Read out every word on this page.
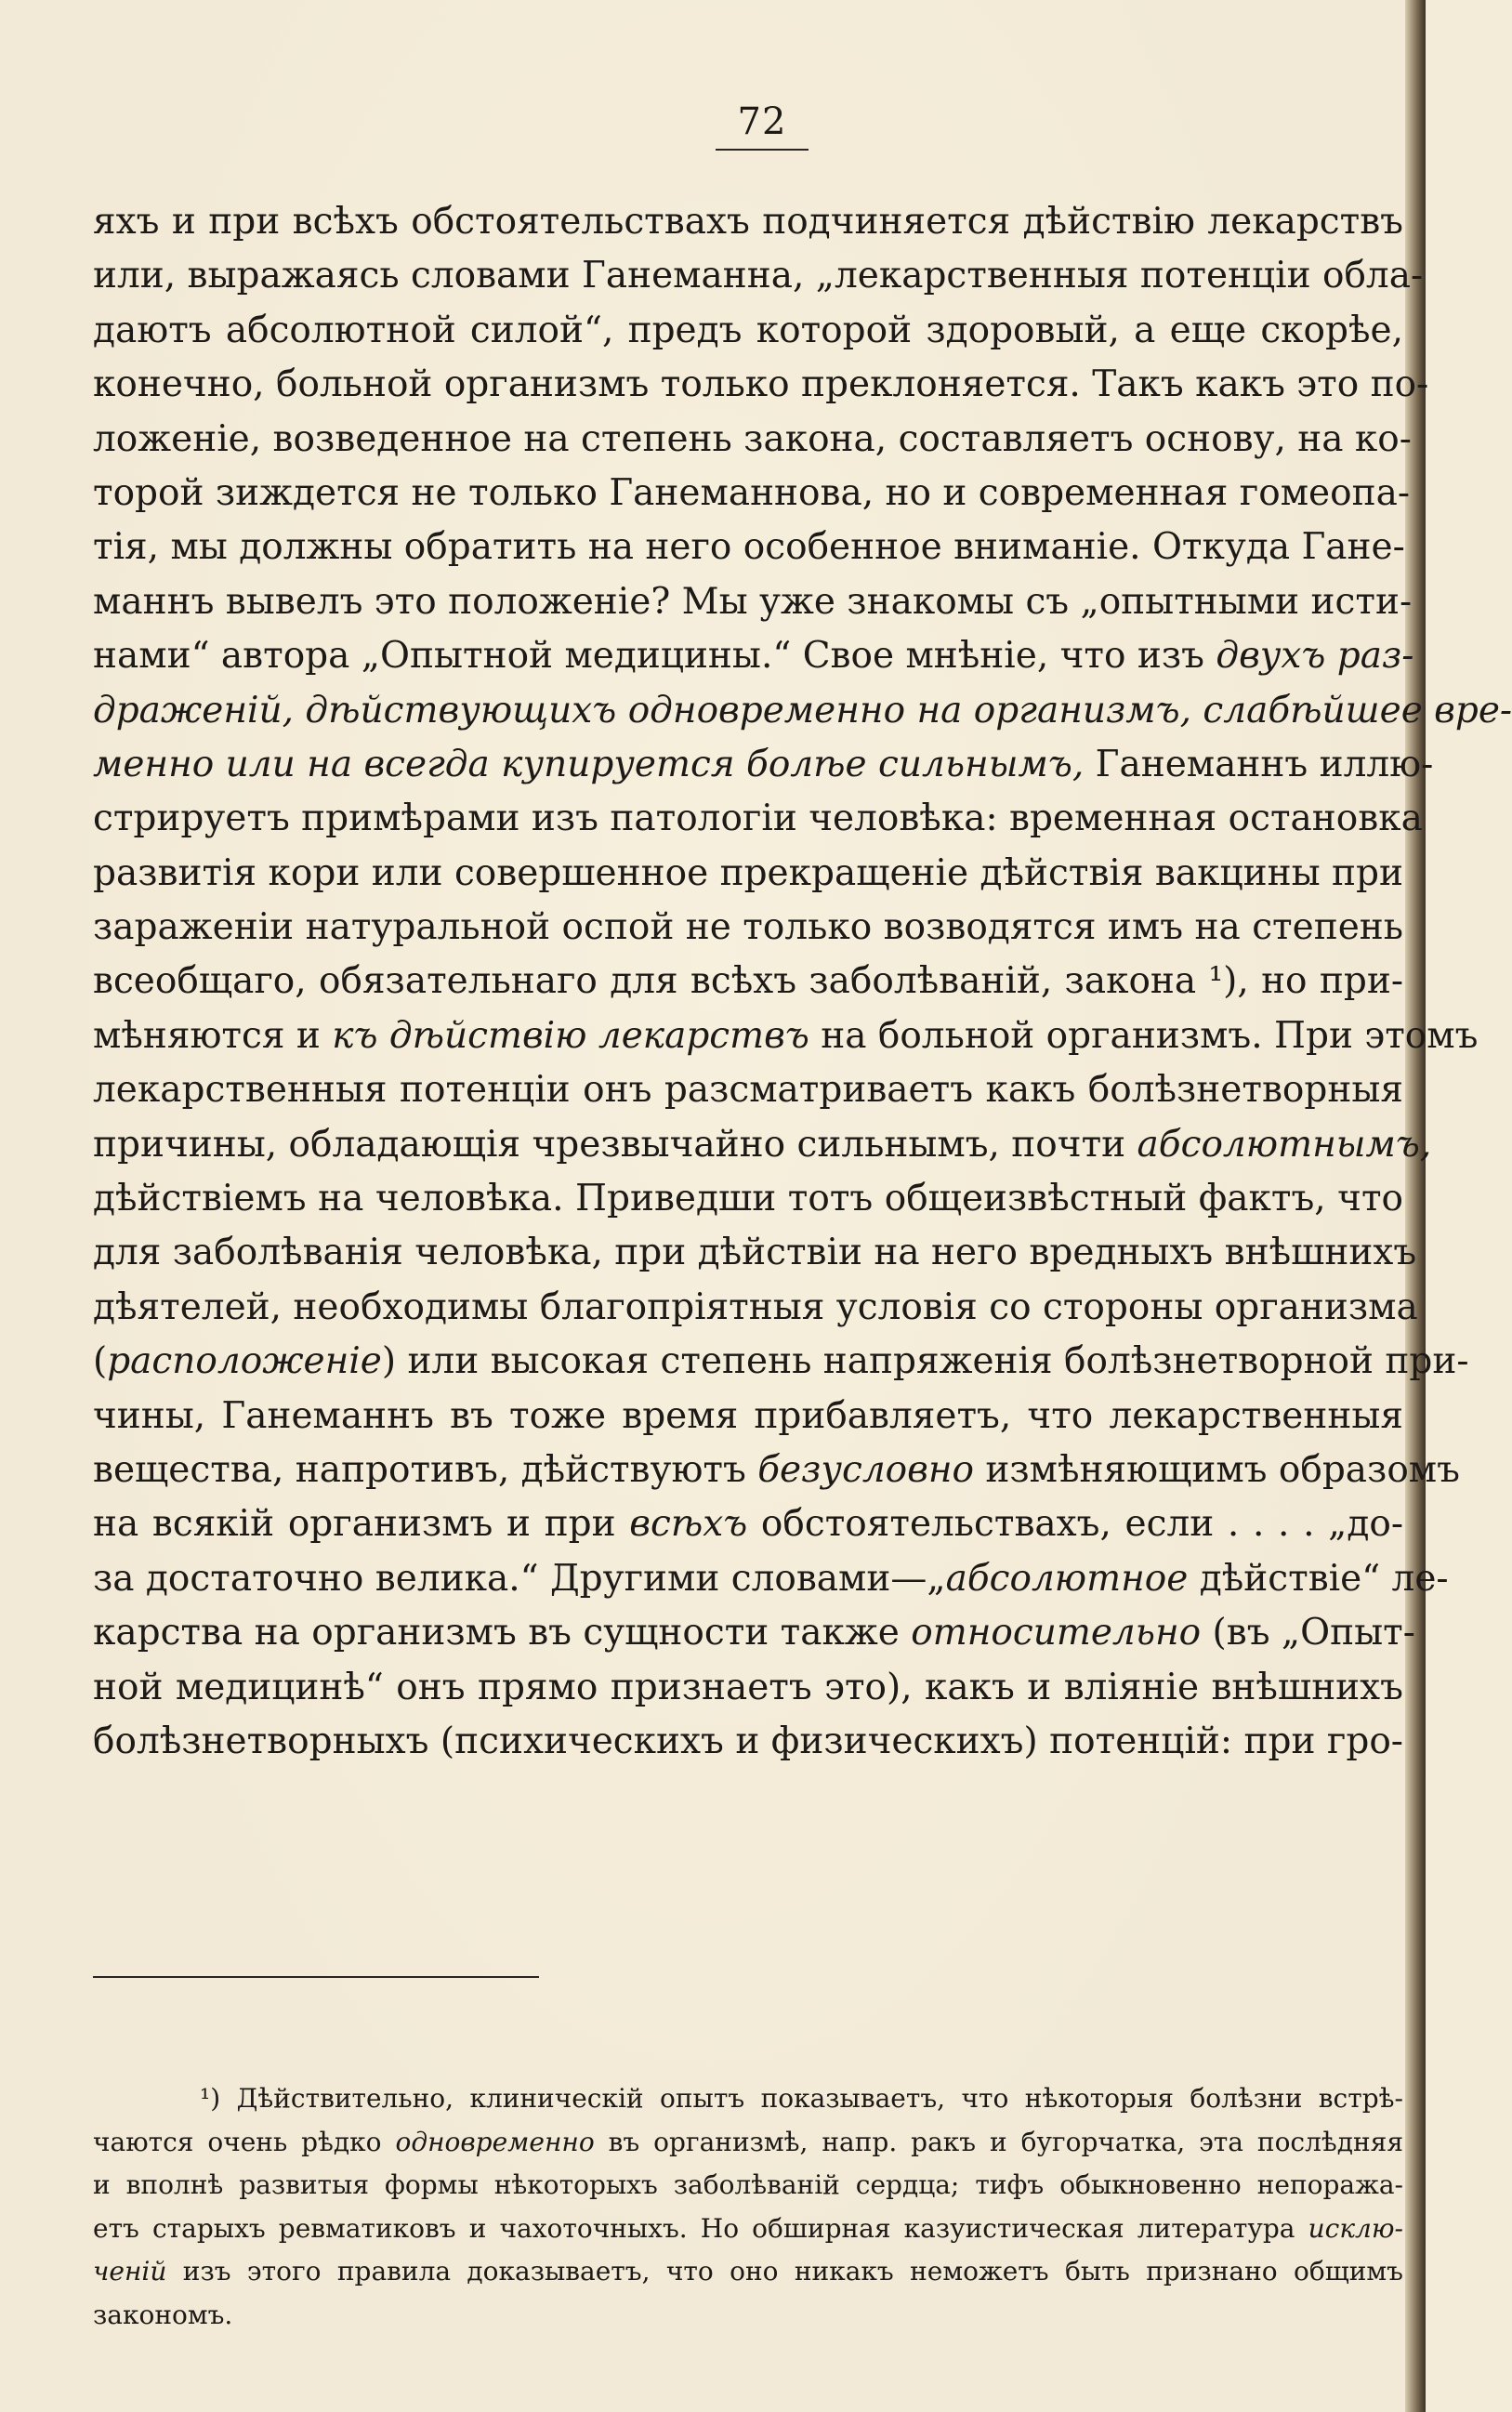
72
яхъ и при всѣхъ обстоятельствахъ подчиняется дѣйствію лекарствъ
или, выражаясь словами Ганеманна, „лекарственныя потенціи обла-
даютъ абсолютной силой“, предъ которой здоровый, а еще скорѣе,
конечно, больной организмъ только преклоняется. Такъ какъ это по-
ложеніе, возведенное на степень закона, составляетъ основу, на ко-
торой зиждется не только Ганеманнова, но и современная гомеопа-
тія, мы должны обратить на него особенное вниманіе. Откуда Гане-
маннъ вывелъ это положеніе? Мы уже знакомы съ „опытными исти-
нами“ автора „Опытной медицины.“ Свое мнѣніе, что изъ двухъ раз-
драженій, дѣйствующихъ одновременно на организмъ, слабѣйшее вре-
менно или на всегда купируется болѣе сильнымъ, Ганеманнъ иллю-
стрируетъ примѣрами изъ патологіи человѣка: временная остановка
развитія кори или совершенное прекращеніе дѣйствія вакцины при
зараженіи натуральной оспой не только возводятся имъ на степень
всеобщаго, обязательнаго для всѣхъ заболѣваній, закона ¹), но при-
мѣняются и къ дѣйствію лекарствъ на больной организмъ. При этомъ
лекарственныя потенціи онъ разсматриваетъ какъ болѣзнетворныя
причины, обладающія чрезвычайно сильнымъ, почти абсолютнымъ,
дѣйствіемъ на человѣка. Приведши тотъ общеизвѣстный фактъ, что
для заболѣванія человѣка, при дѣйствіи на него вредныхъ внѣшнихъ
дѣятелей, необходимы благопріятныя условія со стороны организма
(расположеніе) или высокая степень напряженія болѣзнетворной при-
чины, Ганеманнъ въ тоже время прибавляетъ, что лекарственныя
вещества, напротивъ, дѣйствуютъ безусловно измѣняющимъ образомъ
на всякій организмъ и при всѣхъ обстоятельствахъ, если . . . . „до-
за достаточно велика.“ Другими словами—„абсолютное дѣйствіе“ ле-
карства на организмъ въ сущности также относительно (въ „Опыт-
ной медицинѣ“ онъ прямо признаетъ это), какъ и вліяніе внѣшнихъ
болѣзнетворныхъ (психическихъ и физическихъ) потенцій: при гро-
¹) Дѣйствительно, клиническій опытъ показываетъ, что нѣкоторыя болѣзни встрѣ-
чаются очень рѣдко одновременно въ организмѣ, напр. ракъ и бугорчатка, эта послѣдняя
и вполнѣ развитыя формы нѣкоторыхъ заболѣваній сердца; тифъ обыкновенно непоража-
етъ старыхъ ревматиковъ и чахоточныхъ. Но обширная казуистическая литература исклю-
ченій изъ этого правила доказываетъ, что оно никакъ неможетъ быть признано общимъ
закономъ.
